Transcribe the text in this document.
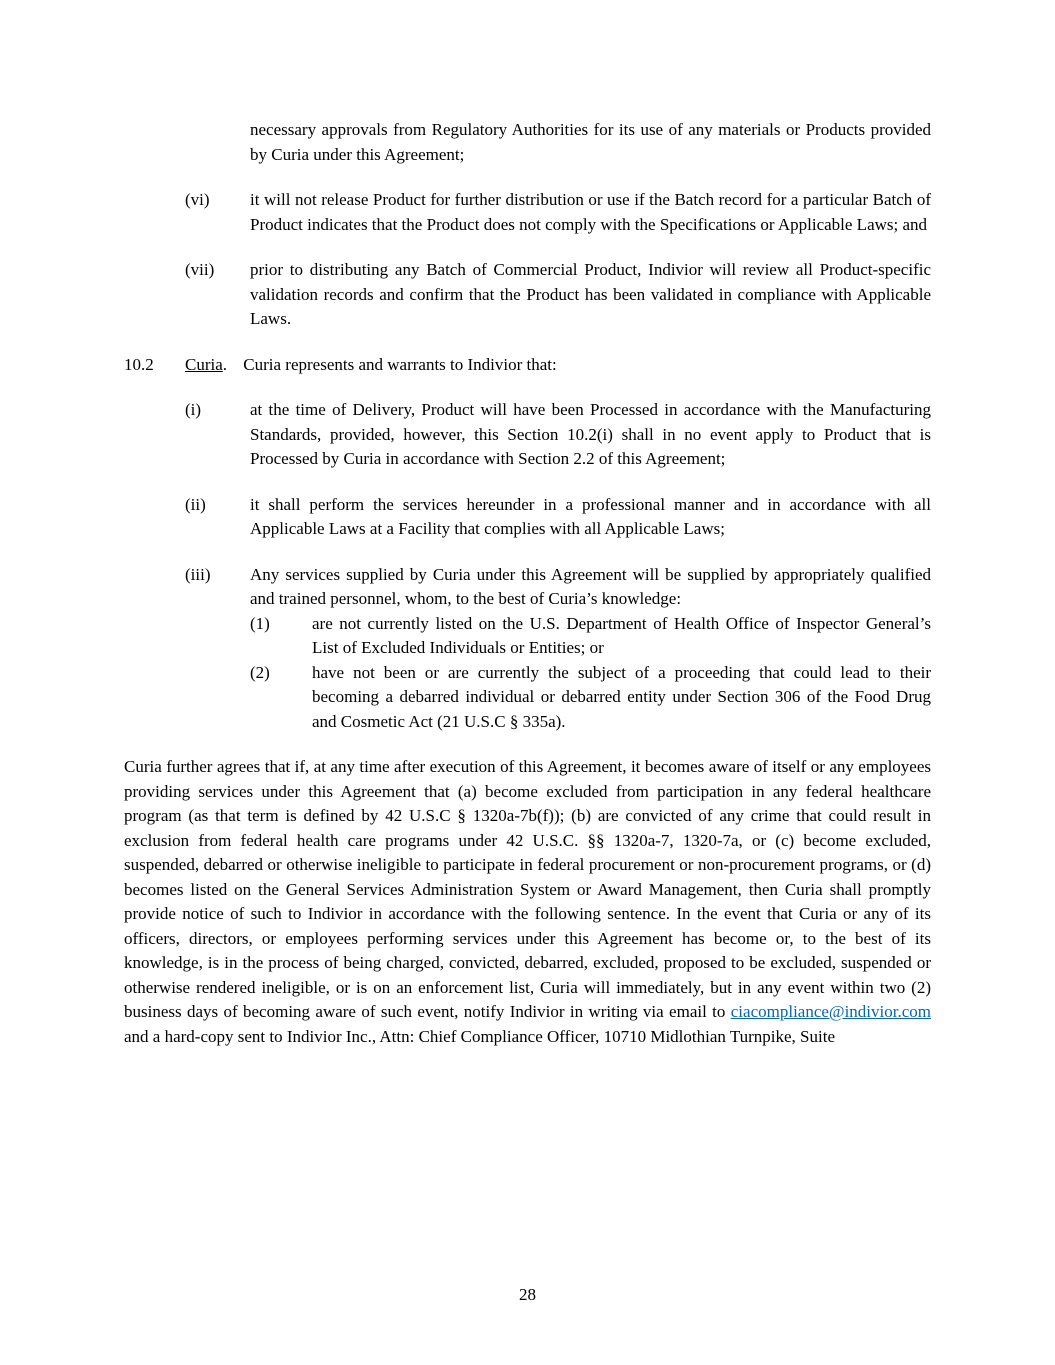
necessary approvals from Regulatory Authorities for its use of any materials or Products provided by Curia under this Agreement;

(vi)	it will not release Product for further distribution or use if the Batch record for a particular Batch of Product indicates that the Product does not comply with the Specifications or Applicable Laws; and
(vii)	prior to distributing any Batch of Commercial Product, Indivior will review all Product-specific validation records and confirm that the Product has been validated in compliance with Applicable Laws.
10.2	Curia. Curia represents and warrants to Indivior that:
(i)	at the time of Delivery, Product will have been Processed in accordance with the Manufacturing Standards, provided, however, this Section 10.2(i) shall in no event apply to Product that is Processed by Curia in accordance with Section 2.2 of this Agreement;
(ii)	it shall perform the services hereunder in a professional manner and in accordance with all Applicable Laws at a Facility that complies with all Applicable Laws;
(iii)	Any services supplied by Curia under this Agreement will be supplied by appropriately qualified and trained personnel, whom, to the best of Curia’s knowledge:
(1)	are not currently listed on the U.S. Department of Health Office of Inspector General’s List of Excluded Individuals or Entities; or
(2)	have not been or are currently the subject of a proceeding that could lead to their becoming a debarred individual or debarred entity under Section 306 of the Food Drug and Cosmetic Act (21 U.S.C § 335a).

Curia further agrees that if, at any time after execution of this Agreement, it becomes aware of itself or any employees providing services under this Agreement that (a) become excluded from participation in any federal healthcare program (as that term is defined by 42 U.S.C § 1320a-7b(f)); (b) are convicted of any crime that could result in exclusion from federal health care programs under 42 U.S.C. §§ 1320a-7, 1320-7a, or (c) become excluded, suspended, debarred or otherwise ineligible to participate in federal procurement or non-procurement programs, or (d) becomes listed on the General Services Administration System or Award Management, then Curia shall promptly provide notice of such to Indivior in accordance with the following sentence. In the event that Curia or any of its officers, directors, or employees performing services under this Agreement has become or, to the best of its knowledge, is in the process of being charged, convicted, debarred, excluded, proposed to be excluded, suspended or otherwise rendered ineligible, or is on an enforcement list, Curia will immediately, but in any event within two (2) business days of becoming aware of such event, notify Indivior in writing via email to ciacompliance@indivior.com and a hard-copy sent to Indivior Inc., Attn: Chief Compliance Officer, 10710 Midlothian Turnpike, Suite

28
